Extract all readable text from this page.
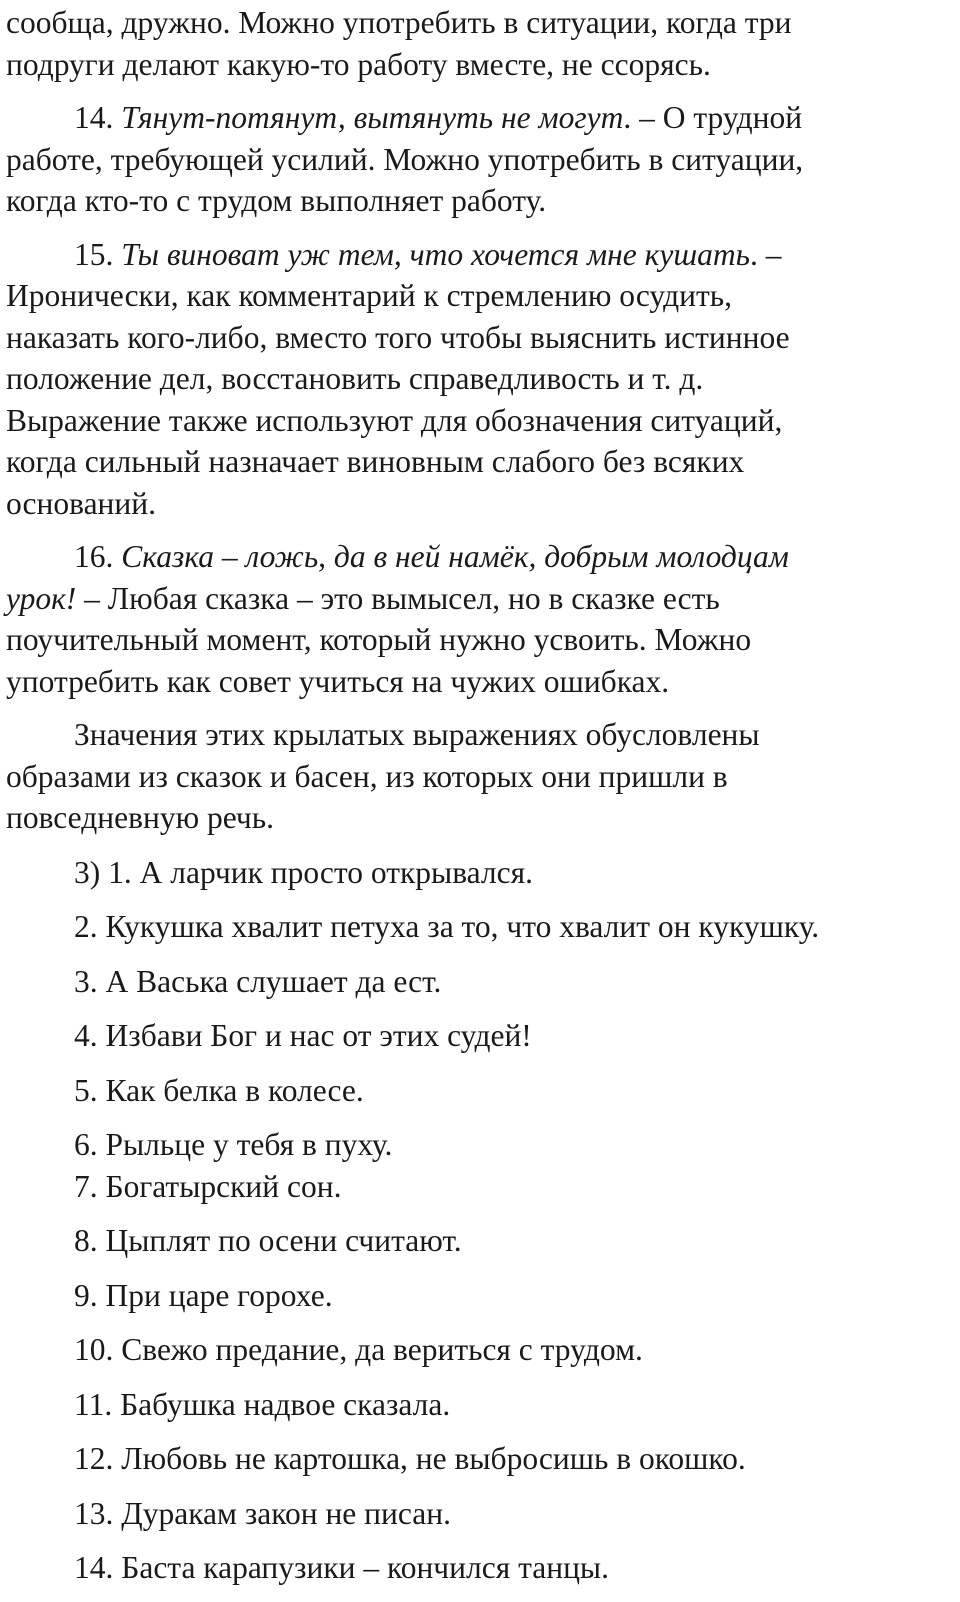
сообща, дружно. Можно употребить в ситуации, когда три
подруги делают какую-то работу вместе, не ссорясь.

14. Тянут-потянут, вытянуть не могут. – О трудной
работе, требующей усилий. Можно употребить в ситуации,
когда кто-то с трудом выполняет работу.

15. Ты виноват уж тем, что хочется мне кушать. –
Иронически, как комментарий к стремлению осудить,
наказать кого-либо, вместо того чтобы выяснить истинное
положение дел, восстановить справедливость и т. д.
Выражение также используют для обозначения ситуаций,
когда сильный назначает виновным слабого без всяких
оснований.

16. Сказка – ложь, да в ней намёк, добрым молодцам
урок! – Любая сказка – это вымысел, но в сказке есть
поучительный момент, который нужно усвоить. Можно
употребить как совет учиться на чужих ошибках.

Значения этих крылатых выражениях обусловлены
образами из сказок и басен, из которых они пришли в
повседневную речь.

3) 1. А ларчик просто открывался.

2. Кукушка хвалит петуха за то, что хвалит он кукушку.

3. А Васька слушает да ест.

4. Избави Бог и нас от этих судей!

5. Как белка в колесе.

6. Рыльце у тебя в пуху.

7. Богатырский сон.

8. Цыплят по осени считают.

9. При царе горохе.

10. Свежо предание, да вериться с трудом.

11. Бабушка надвое сказала.

12. Любовь не картошка, не выбросишь в окошко.

13. Дуракам закон не писан.

14. Баста карапузики – кончился танцы.
